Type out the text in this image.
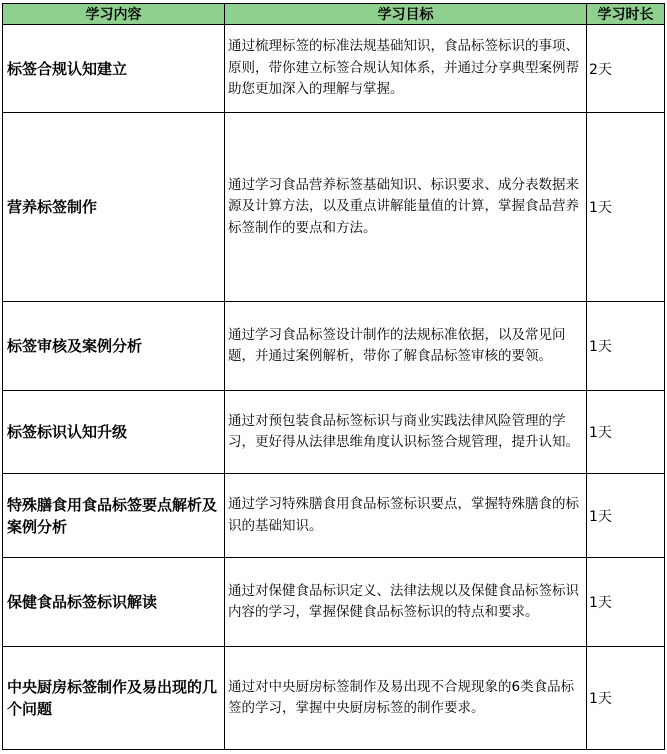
学习内容	学习目标	学习时长
标签合规认知建立	通过梳理标签的标准法规基础知识，食品标签标识的事项、原则，带你建立标签合规认知体系，并通过分享典型案例帮助您更加深入的理解与掌握。	2天
营养标签制作	通过学习食品营养标签基础知识、标识要求、成分表数据来源及计算方法，以及重点讲解能量值的计算，掌握食品营养标签制作的要点和方法。	1天
标签审核及案例分析	通过学习食品标签设计制作的法规标准依据，以及常见问题，并通过案例解析，带你了解食品标签审核的要领。	1天
标签标识认知升级	通过对预包装食品标签标识与商业实践法律风险管理的学习，更好得从法律思维角度认识标签合规管理，提升认知。	1天
特殊膳食用食品标签要点解析及案例分析	通过学习特殊膳食用食品标签标识要点，掌握特殊膳食的标识的基础知识。	1天
保健食品标签标识解读	通过对保健食品标识定义、法律法规以及保健食品标签标识内容的学习，掌握保健食品标签标识的特点和要求。	1天
中央厨房标签制作及易出现的几个问题	通过对中央厨房标签制作及易出现不合规现象的6类食品标签的学习，掌握中央厨房标签的制作要求。	1天
